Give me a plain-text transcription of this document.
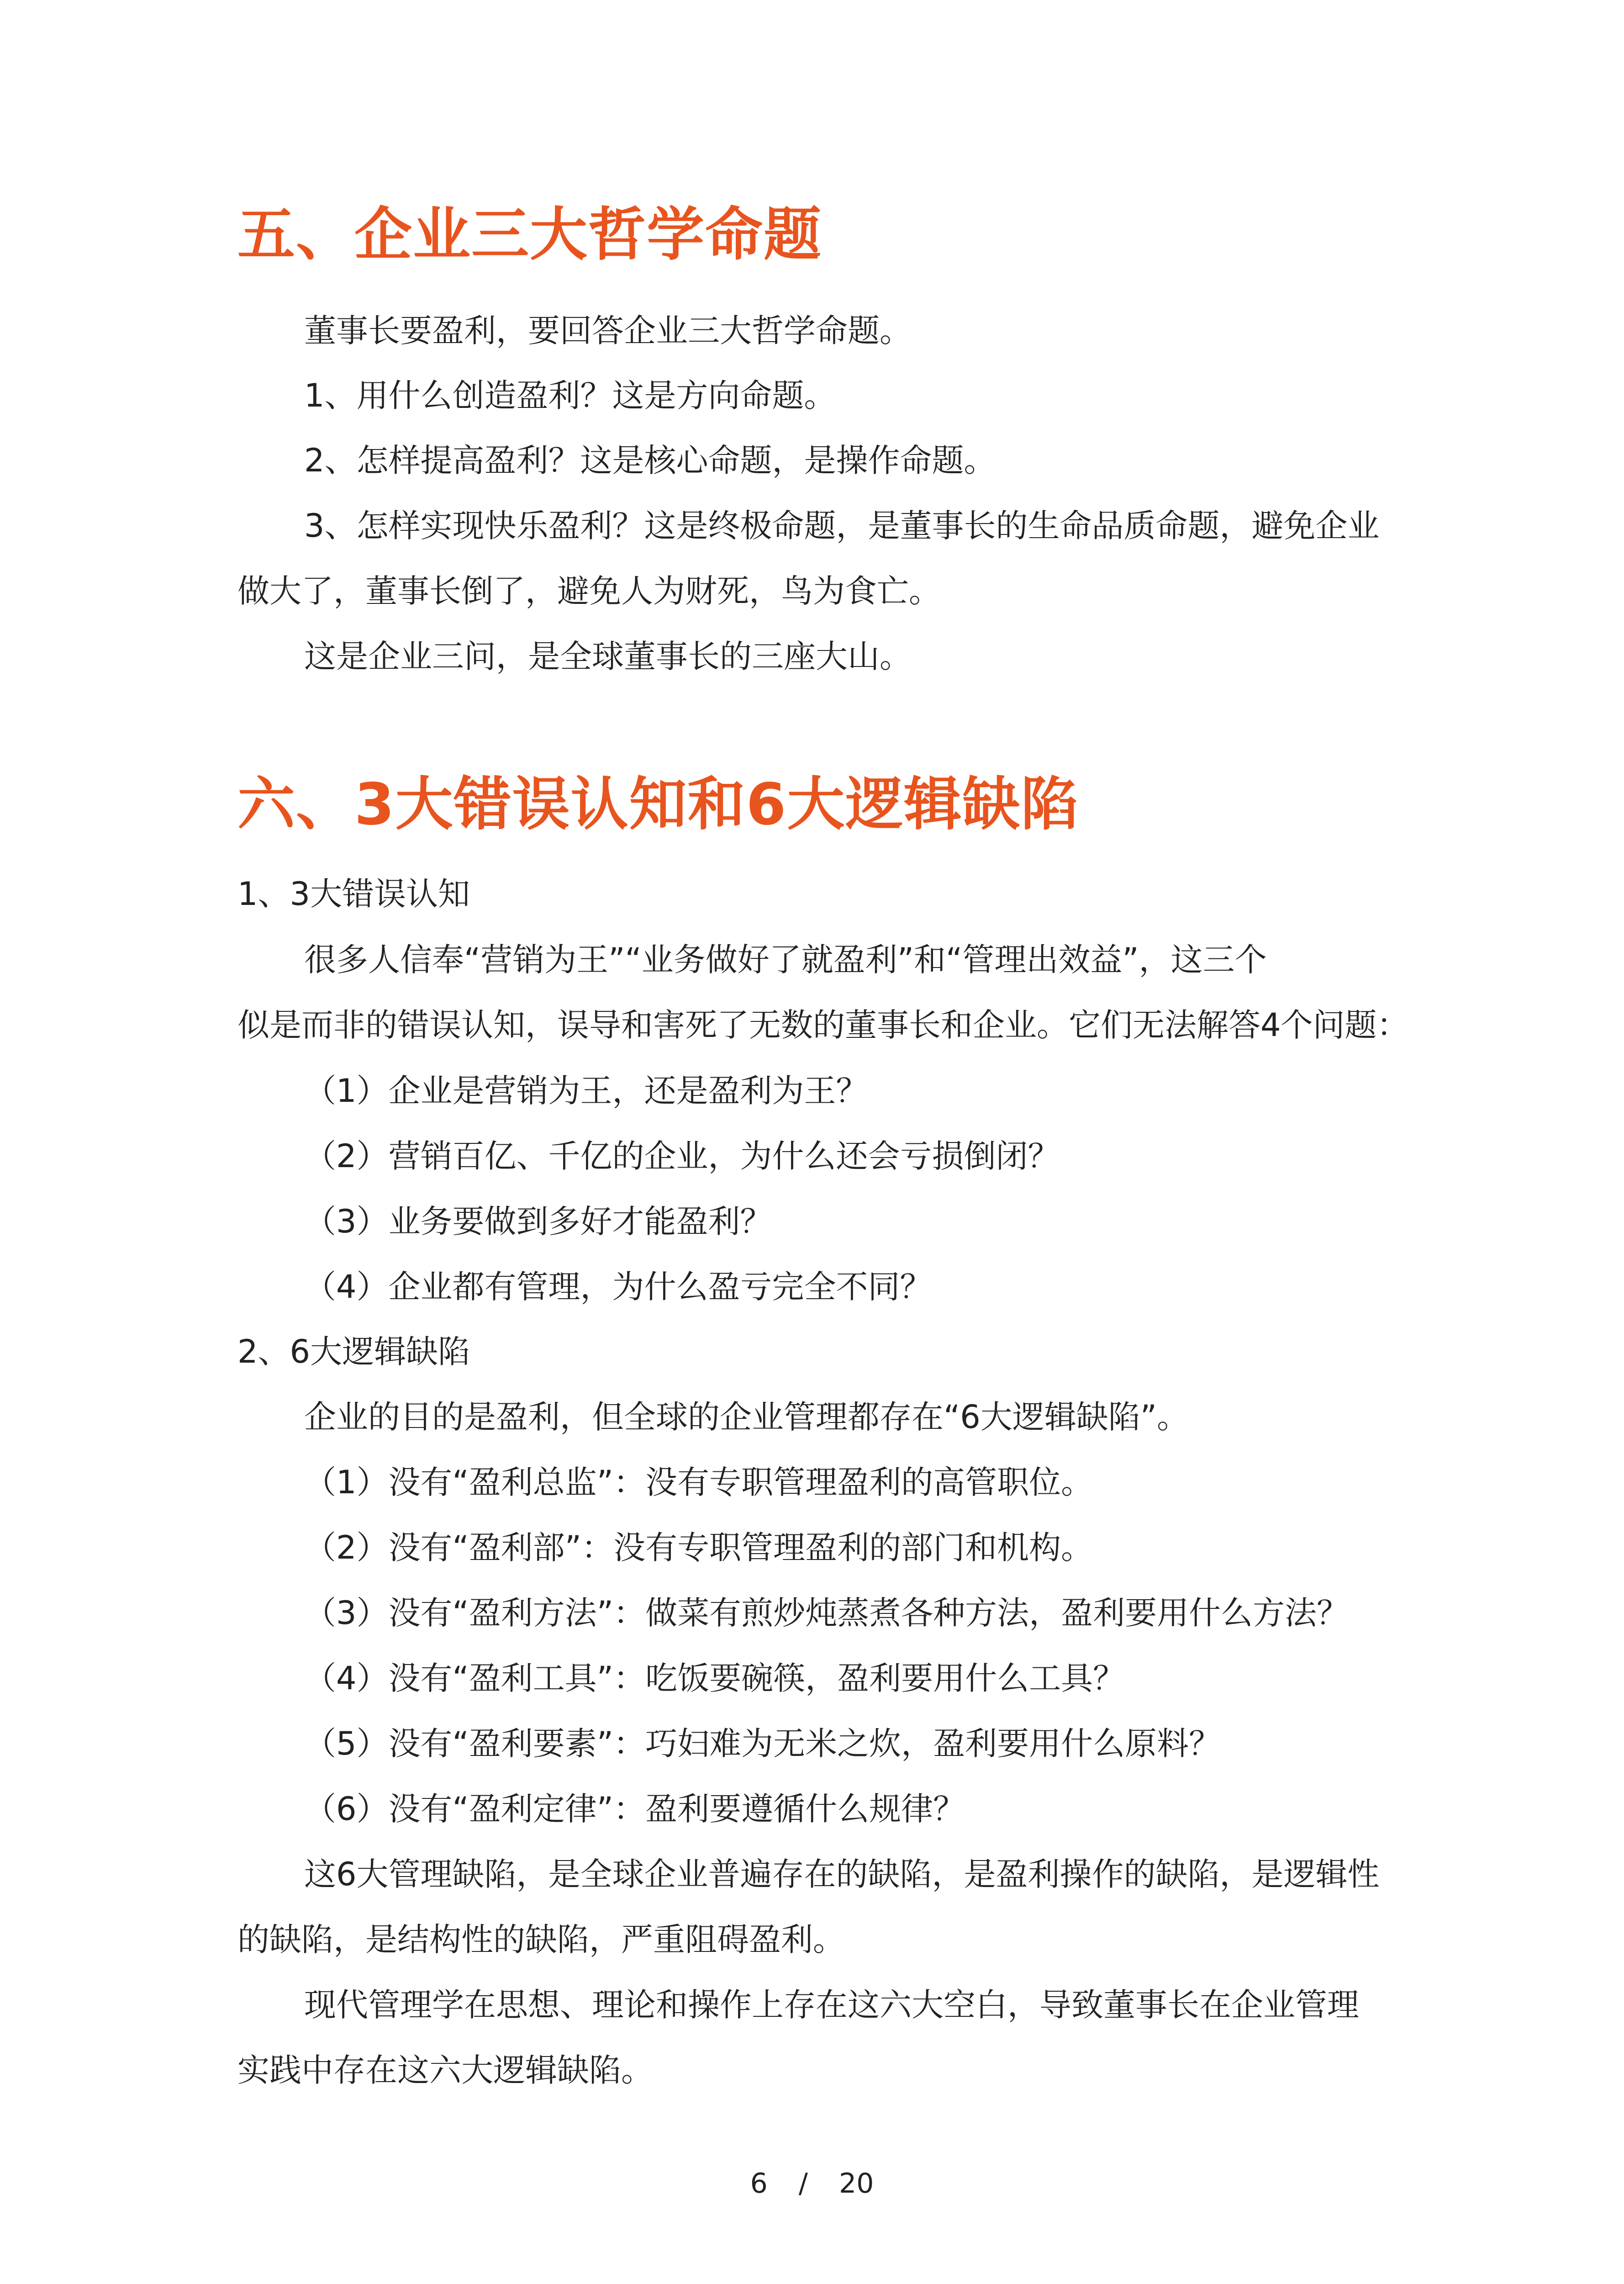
五、企业三大哲学命题

董事长要盈利，要回答企业三大哲学命题。

1、用什么创造盈利？这是方向命题。

2、怎样提高盈利？这是核心命题，是操作命题。

3、怎样实现快乐盈利？这是终极命题，是董事长的生命品质命题，避免企业

做大了，董事长倒了，避免人为财死，鸟为食亡。

这是企业三问，是全球董事长的三座大山。

六、3大错误认知和6大逻辑缺陷

1、3大错误认知

很多人信奉“营销为王”“业务做好了就盈利”和“管理出效益”，这三个

似是而非的错误认知，误导和害死了无数的董事长和企业。它们无法解答4个问题：

（1）企业是营销为王，还是盈利为王？

（2）营销百亿、千亿的企业，为什么还会亏损倒闭？

（3）业务要做到多好才能盈利？

（4）企业都有管理，为什么盈亏完全不同？

2、6大逻辑缺陷

企业的目的是盈利，但全球的企业管理都存在“6大逻辑缺陷”。

（1）没有“盈利总监”：没有专职管理盈利的高管职位。

（2）没有“盈利部”：没有专职管理盈利的部门和机构。

（3）没有“盈利方法”：做菜有煎炒炖蒸煮各种方法，盈利要用什么方法？

（4）没有“盈利工具”：吃饭要碗筷，盈利要用什么工具？

（5）没有“盈利要素”：巧妇难为无米之炊，盈利要用什么原料？

（6）没有“盈利定律”：盈利要遵循什么规律？

这6大管理缺陷，是全球企业普遍存在的缺陷，是盈利操作的缺陷，是逻辑性

的缺陷，是结构性的缺陷，严重阻碍盈利。

现代管理学在思想、理论和操作上存在这六大空白，导致董事长在企业管理

实践中存在这六大逻辑缺陷。

6 / 20
